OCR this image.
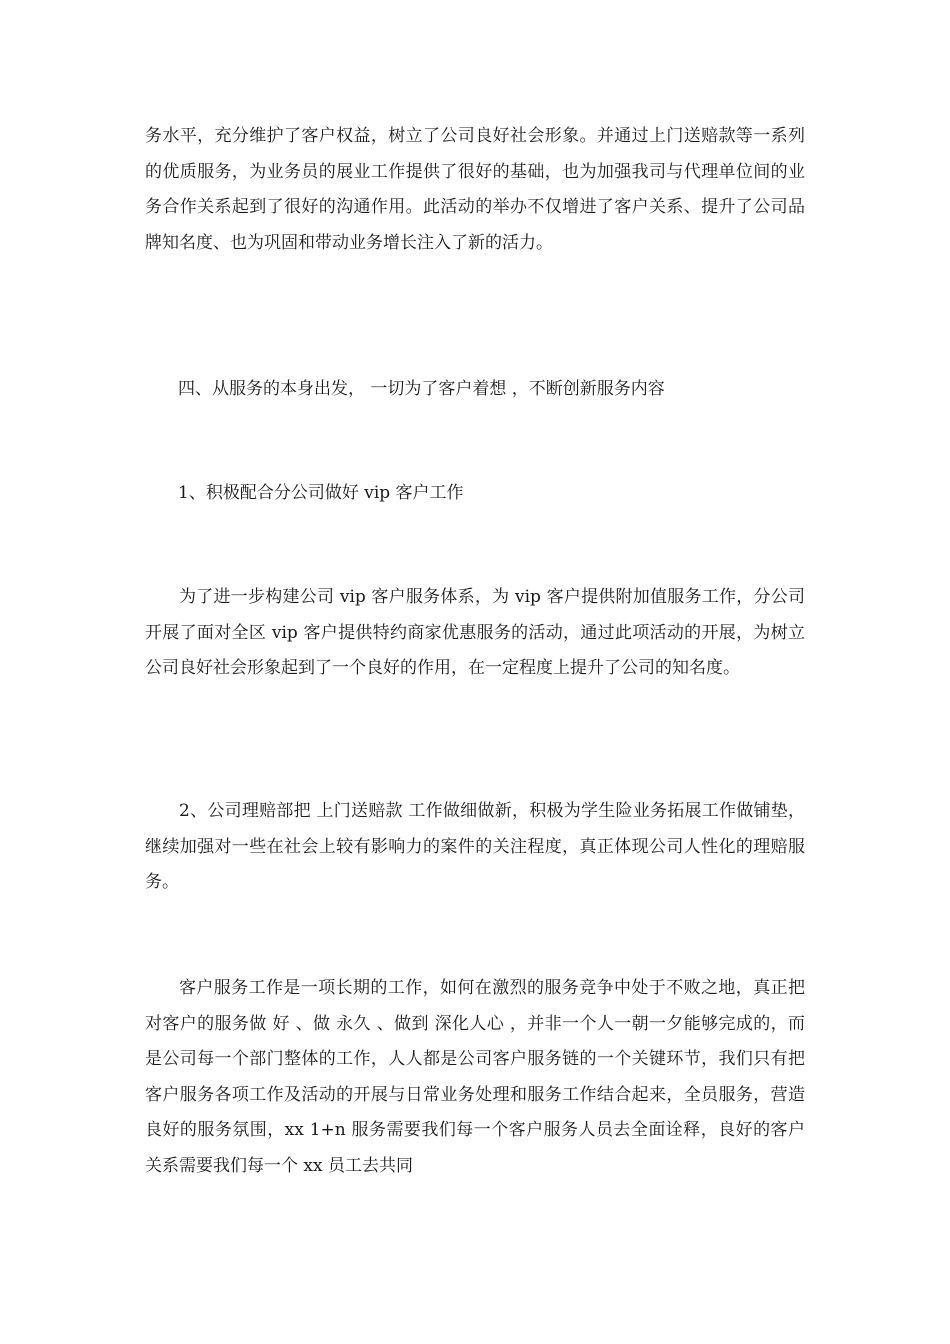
务水平，充分维护了客户权益，树立了公司良好社会形象。并通过上门送赔款等一系列的优质服务，为业务员的展业工作提供了很好的基础，也为加强我司与代理单位间的业务合作关系起到了很好的沟通作用。此活动的举办不仅增进了客户关系、提升了公司品牌知名度、也为巩固和带动业务增长注入了新的活力。

四、从服务的本身出发， 一切为了客户着想 ，不断创新服务内容

1、积极配合分公司做好 vip 客户工作

为了进一步构建公司 vip 客户服务体系，为 vip 客户提供附加值服务工作，分公司开展了面对全区 vip 客户提供特约商家优惠服务的活动，通过此项活动的开展，为树立公司良好社会形象起到了一个良好的作用，在一定程度上提升了公司的知名度。

2、公司理赔部把 上门送赔款 工作做细做新，积极为学生险业务拓展工作做铺垫，继续加强对一些在社会上较有影响力的案件的关注程度，真正体现公司人性化的理赔服务。

客户服务工作是一项长期的工作，如何在激烈的服务竞争中处于不败之地，真正把对客户的服务做 好 、做 永久 、做到 深化人心 ，并非一个人一朝一夕能够完成的，而是公司每一个部门整体的工作，人人都是公司客户服务链的一个关键环节，我们只有把客户服务各项工作及活动的开展与日常业务处理和服务工作结合起来，全员服务，营造良好的服务氛围，xx 1+n 服务需要我们每一个客户服务人员去全面诠释，良好的客户关系需要我们每一个 xx 员工去共同
